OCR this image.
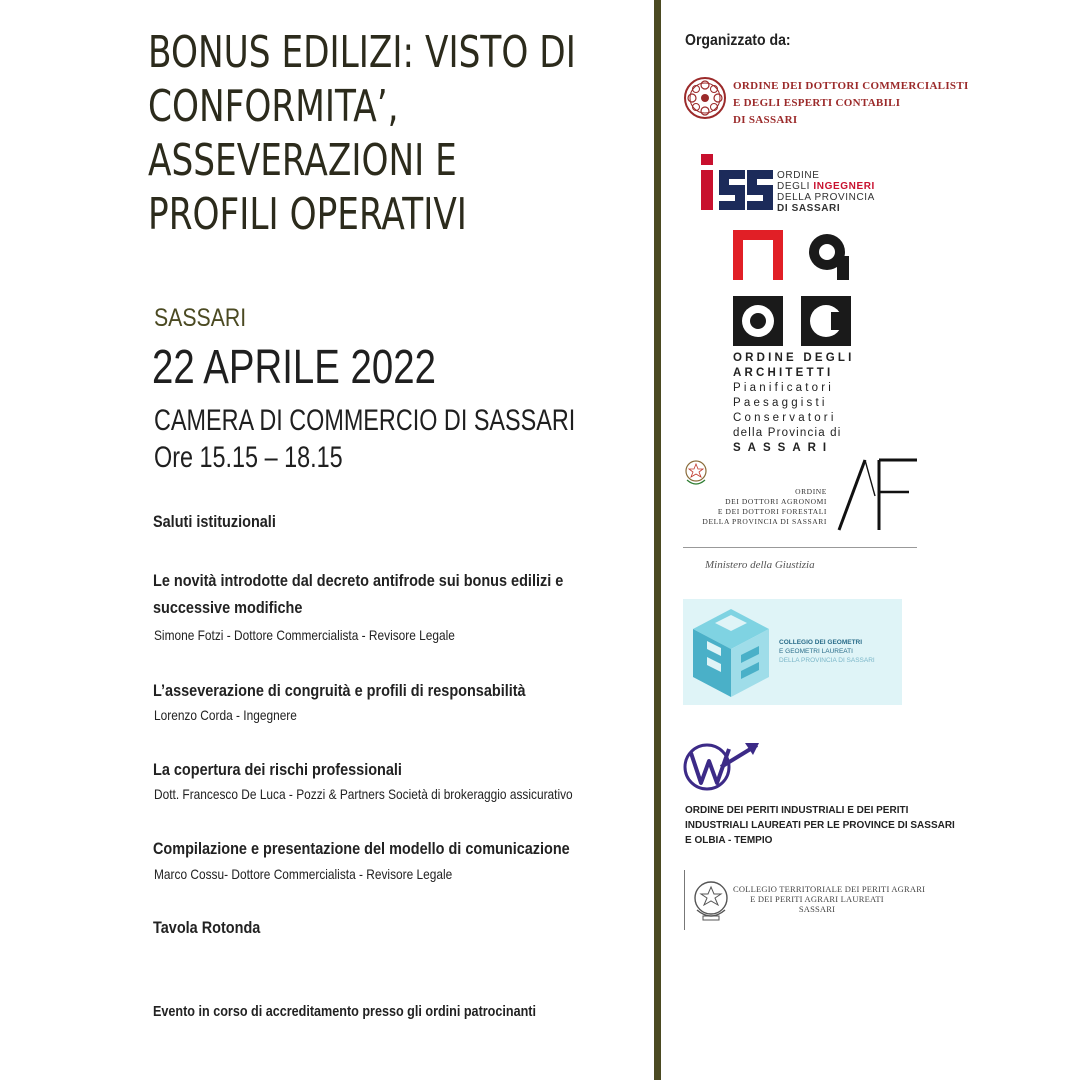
BONUS EDILIZI: VISTO DI
CONFORMITA’,
ASSEVERAZIONI E
PROFILI OPERATIVI
SASSARI
22 APRILE 2022
CAMERA DI COMMERCIO DI SASSARI
Ore 15.15 – 18.15
Saluti istituzionali
Le novità introdotte dal decreto antifrode sui bonus edilizi e
successive modifiche
Simone Fotzi - Dottore Commercialista - Revisore Legale
L’asseverazione di congruità e profili di responsabilità
Lorenzo Corda - Ingegnere
La copertura dei rischi professionali
Dott. Francesco De Luca - Pozzi & Partners Società di brokeraggio assicurativo
Compilazione e presentazione del modello di comunicazione
Marco Cossu- Dottore Commercialista - Revisore Legale
Tavola Rotonda
Evento in corso di accreditamento presso gli ordini patrocinanti
Organizzato da:
ORDINE DEI DOTTORI COMMERCIALISTI
E DEGLI ESPERTI CONTABILI
DI SASSARI
ORDINE
DEGLI INGEGNERI
DELLA PROVINCIA
DI SASSARI
ORDINE DEGLI
ARCHITETTI
Pianificatori
Paesaggisti
Conservatori
della Provincia di
SASSARI
ORDINE
DEI DOTTORI AGRONOMI
E DEI DOTTORI FORESTALI
DELLA PROVINCIA DI SASSARI
Ministero della Giustizia
COLLEGIO DEI GEOMETRI
E GEOMETRI LAUREATI
DELLA PROVINCIA DI SASSARI
ORDINE DEI PERITI INDUSTRIALI E DEI PERITI
INDUSTRIALI LAUREATI PER LE PROVINCE DI SASSARI
E OLBIA - TEMPIO
COLLEGIO TERRITORIALE DEI PERITI AGRARI
E DEI PERITI AGRARI LAUREATI
SASSARI
